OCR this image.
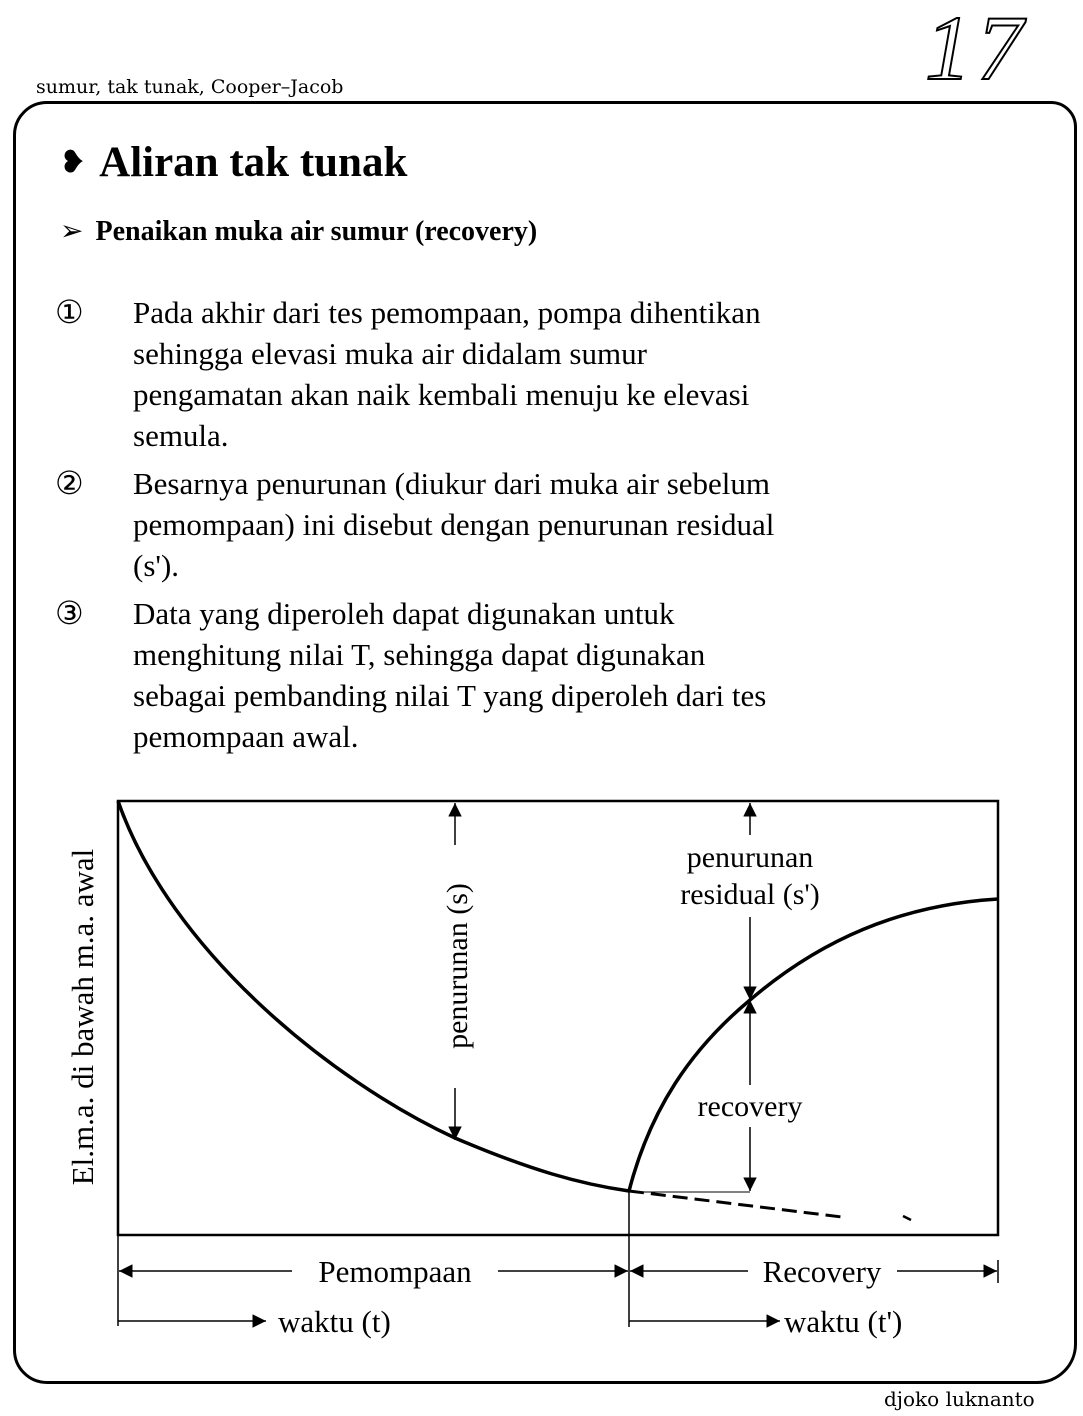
sumur, tak tunak, Cooper–Jacob	17
❥ Aliran tak tunak
➢ Penaikan muka air sumur (recovery)
① Pada akhir dari tes pemompaan, pompa dihentikan
sehingga elevasi muka air didalam sumur
pengamatan akan naik kembali menuju ke elevasi
semula.
② Besarnya penurunan (diukur dari muka air sebelum
pemompaan) ini disebut dengan penurunan residual
(s').
③ Data yang diperoleh dapat digunakan untuk
menghitung nilai T, sehingga dapat digunakan
sebagai pembanding nilai T yang diperoleh dari tes
pemompaan awal.
El.m.a. di bawah m.a. awal	penurunan (s)
penurunan
residual (s')
recovery
Pemompaan	Recovery
waktu (t)	waktu (t')
djoko luknanto
